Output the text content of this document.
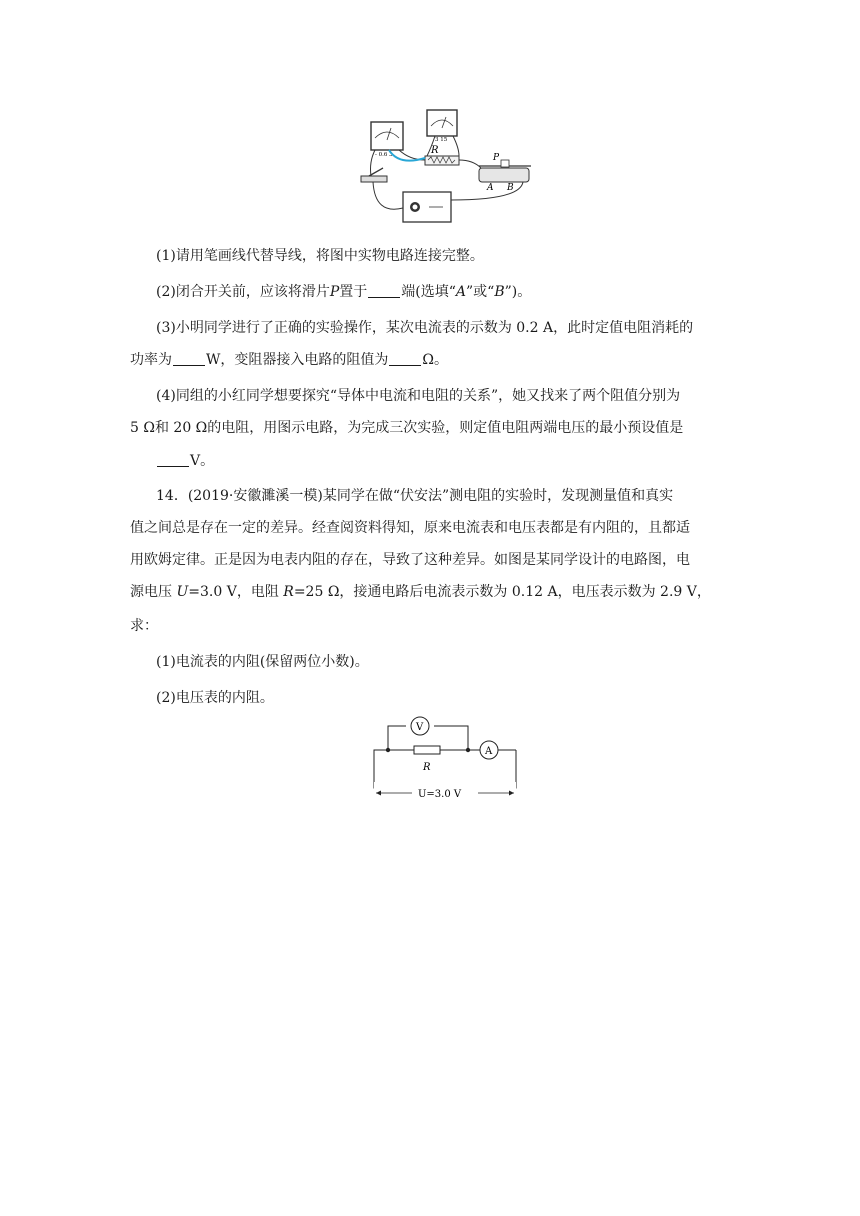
- 0.6 3
3 15
R
P
A B
(1)请用笔画线代替导线，将图中实物电路连接完整。
(2)闭合开关前，应该将滑片P置于 端(选填“A”或“B”)。
(3)小明同学进行了正确的实验操作，某次电流表的示数为 0.2 A，此时定值电阻消耗的
功率为 W，变阻器接入电路的阻值为 Ω。
(4)同组的小红同学想要探究“导体中电流和电阻的关系”，她又找来了两个阻值分别为
5 Ω和 20 Ω的电阻，用图示电路，为完成三次实验，则定值电阻两端电压的最小预设值是
V。
14．(2019·安徽濉溪一模)某同学在做“伏安法”测电阻的实验时，发现测量值和真实
值之间总是存在一定的差异。经查阅资料得知，原来电流表和电压表都是有内阻的，且都适
用欧姆定律。正是因为电表内阻的存在，导致了这种差异。如图是某同学设计的电路图，电
源电压 U=3.0 V，电阻 R=25 Ω，接通电路后电流表示数为 0.12 A，电压表示数为 2.9 V，
求：
(1)电流表的内阻(保留两位小数)。
(2)电压表的内阻。
V
A
R
U=3.0 V
